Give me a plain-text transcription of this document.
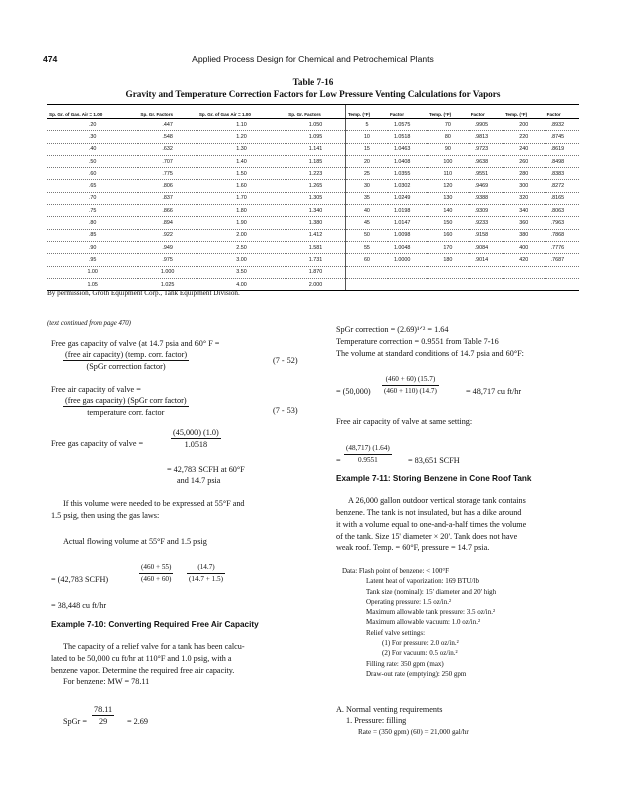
474	Applied Process Design for Chemical and Petrochemical Plants
Table 7-16
Gravity and Temperature Correction Factors for Low Pressure Venting Calculations for Vapors
Sp. Gr. of Gas. Air = 1.00	Sp. Gr. Factors	Sp. Gr. of Gas Air = 1.00	Sp. Gr. Factors	Temp. (°F)	Factor	Temp. (°F)	Factor	Temp. (°F)	Factor
.20	.447	1.10	1.050	5	1.0575	70	.9905	200	.8932
.30	.548	1.20	1.095	10	1.0518	80	.9813	220	.8745
.40	.632	1.30	1.141	15	1.0463	90	.9723	240	.8619
.50	.707	1.40	1.185	20	1.0408	100	.9638	260	.8498
.60	.775	1.50	1.223	25	1.0355	110	.9551	280	.8383
.65	.806	1.60	1.265	30	1.0302	120	.9469	300	.8272
.70	.837	1.70	1.305	35	1.0249	130	.9388	320	.8165
.75	.866	1.80	1.340	40	1.0198	140	.9309	340	.8063
.80	.894	1.90	1.380	45	1.0147	150	.9233	360	.7963
.85	.922	2.00	1.412	50	1.0098	160	.9158	380	.7868
.90	.949	2.50	1.581	55	1.0048	170	.9084	400	.7776
.95	.975	3.00	1.731	60	1.0000	180	.9014	420	.7687
1.00	1.000	3.50	1.870						
1.05	1.025	4.00	2.000						
By permission, Groth Equipment Corp., Tank Equipment Division.
(text continued from page 470)
Free gas capacity of valve (at 14.7 psia and 60° F =
$\frac{\text{(free air capacity) (temp. corr. factor)}}{\text{(SpGr correction factor)}}$	(7 - 52)
Free air capacity of valve =
$\frac{\text{(free gas capacity) (SpGr corr factor)}}{\text{temperature corr. factor}}$	(7 - 53)
Free gas capacity of valve =	$\frac{(45,000) (1.0)}{1.0518}$
= 42,783 SCFH at 60°F
and 14.7 psia
If this volume were needed to be expressed at 55°F and
1.5 psig, then using the gas laws:
Actual flowing volume at 55°F and 1.5 psig
= (42,783 SCFH)	$\frac{(460 + 55)}{(460 + 60)} \frac{(14.7)}{(14.7 + 1.5)}$
= 38,448 cu ft/hr
Example 7-10: Converting Required Free Air Capacity
The capacity of a relief valve for a tank has been calcu-
lated to be 50,000 cu ft/hr at 110°F and 1.0 psig, with a
benzene vapor. Determine the required free air capacity.
For benzene: MW = 78.11
SpGr = $\frac{78.11}{29} = 2.69$
SpGr correction = (2.69)¹ᐟ² = 1.64
Temperature correction = 0.9551 from Table 7-16
The volume at standard conditions of 14.7 psia and 60°F:
= $(50,000) \frac{(460 + 60) (15.7)}{(460 + 110) (14.7)}$	= 48,717 cu ft/hr
Free air capacity of valve at same setting:
= $\frac{(48,717) (1.64)}{0.9551} = 83,651$ SCFH
Example 7-11: Storing Benzene in Cone Roof Tank
A 26,000 gallon outdoor vertical storage tank contains
benzene. The tank is not insulated, but has a dike around
it with a volume equal to one-and-a-half times the volume
of the tank. Size 15' diameter × 20'. Tank does not have
weak roof. Temp. = 60°F, pressure = 14.7 psia.
Data: Flash point of benzene: < 100°F
Latent heat of vaporization: 169 BTU/lb
Tank size (nominal): 15' diameter and 20' high
Operating pressure: 1.5 oz/in.²
Maximum allowable tank pressure: 3.5 oz/in.²
Maximum allowable vacuum: 1.0 oz/in.²
Relief valve settings:
(1) For pressure: 2.0 oz/in.²
(2) For vacuum: 0.5 oz/in.²
Filling rate: 350 gpm (max)
Draw-out rate (emptying): 250 gpm
A. Normal venting requirements
1. Pressure: filling
Rate = (350 gpm) (60) = 21,000 gal/hr
